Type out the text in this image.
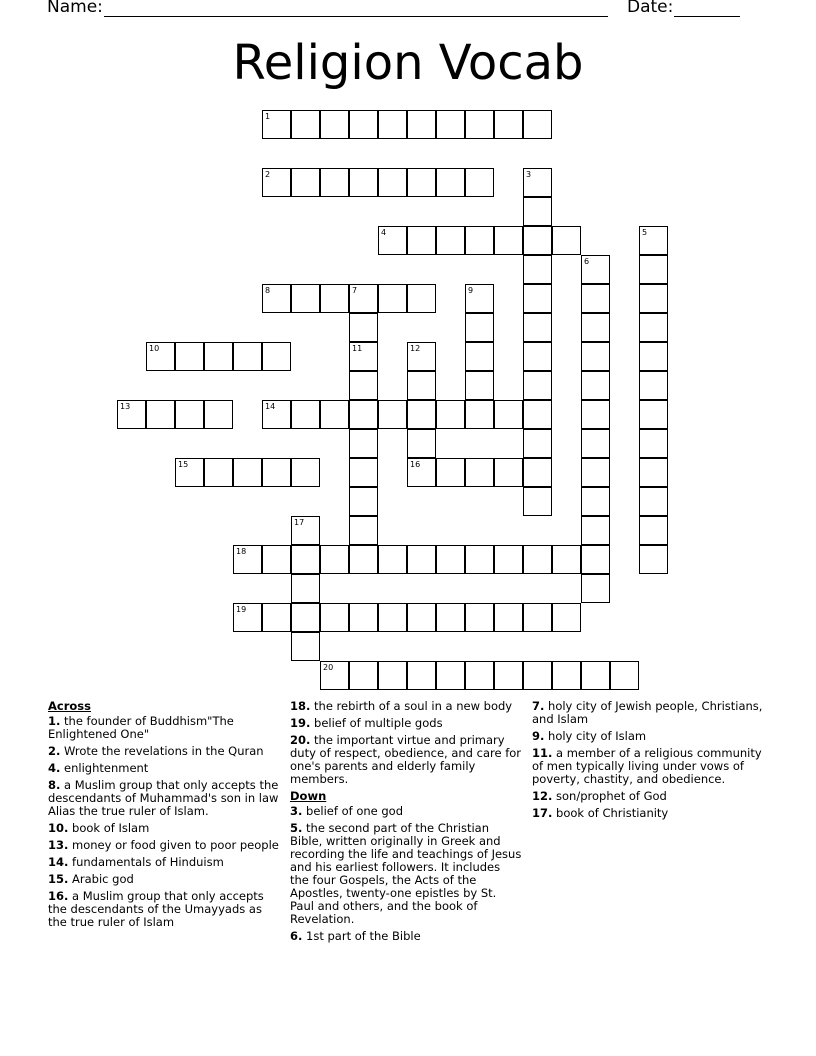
Name:	Date:
Religion Vocab
1
2	3
4	5
6
7
11
8	9
10	12
16
13	14
15
17
18
19
20
Across
1. the founder of Buddhism"The Enlightened One"
2. Wrote the revelations in the Quran
4. enlightenment
8. a Muslim group that only accepts the descendants of Muhammad's son in law Alias the true ruler of Islam.
10. book of Islam
13. money or food given to poor people
14. fundamentals of Hinduism
15. Arabic god
16. a Muslim group that only accepts the descendants of the Umayyads as the true ruler of Islam
18. the rebirth of a soul in a new body
19. belief of multiple gods
20. the important virtue and primary duty of respect, obedience, and care for one's parents and elderly family members.
Down
3. belief of one god
5. the second part of the Christian Bible, written originally in Greek and recording the life and teachings of Jesus and his earliest followers. It includes the four Gospels, the Acts of the Apostles, twenty-one epistles by St. Paul and others, and the book of Revelation.
6. 1st part of the Bible
7. holy city of Jewish people, Christians, and Islam
9. holy city of Islam
11. a member of a religious community of men typically living under vows of poverty, chastity, and obedience.
12. son/prophet of God
17. book of Christianity
